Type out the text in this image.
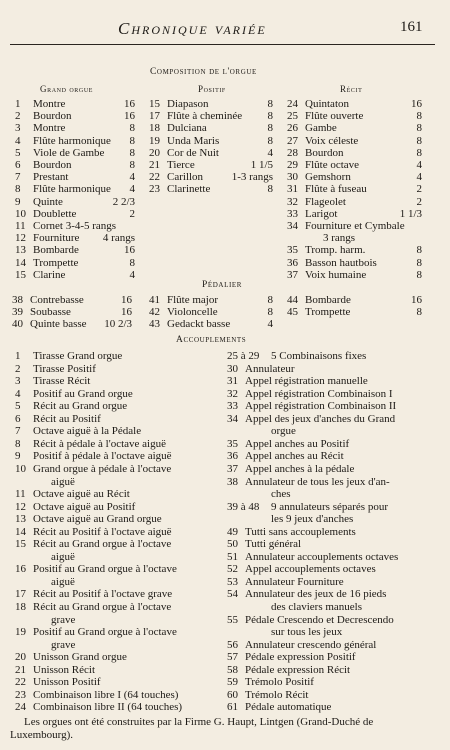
Chronique variée	161
Composition de l'orgue
Grand orgue	Positif	Récit
1	Montre	16
2	Bourdon	16
3	Montre	8
4	Flûte harmonique 8
5	Viole de Gambe 8
6	Bourdon	8
7	Prestant	4
8	Flûte harmonique 4
9	Quinte	2 2/3
10 Doublette	2
11 Cornet 3-4-5 rangs
12 Fourniture 4 rangs
13 Bombarde	16
14 Trompette	8
15 Clarine	4
15 Diapason	8
17 Flûte à cheminée 8
18 Dulciana	8
19 Unda Maris	8
20 Cor de Nuit	4
21 Tierce	1 1/5
22 Carillon	1-3 rangs
23 Clarinette	8
24 Quintaton	16
25 Flûte ouverte	8
26 Gambe	8
27 Voix céleste	8
28 Bourdon	8
29 Flûte octave	4
30 Gemshorn	4
31 Flûte à fuseau	2
32 Flageolet	2
33 Larigot	1 1/3
34 Fourniture et Cymbale
3 rangs
35 Tromp. harm.	8
36 Basson hautbois	8
37 Voix humaine	8
Pédalier
38 Contrebasse	16
39 Soubasse	16
40 Quinte basse 10 2/3
41 Flûte major	8
42 Violoncelle	8
43 Gedackt basse	4
44 Bombarde	16
45 Trompette	8
Accouplements
1 Tirasse Grand orgue
2 Tirasse Positif
3 Tirasse Récit
4 Positif au Grand orgue
5 Récit au Grand orgue
6 Récit au Positif
7 Octave aiguë à la Pédale
8 Récit à pédale à l'octave aiguë
9 Positif à pédale à l'octave aiguë
10 Grand orgue à pédale à l'octave
aiguë
11 Octave aiguë au Récit
12 Octave aiguë au Positif
13 Octave aiguë au Grand orgue
14 Récit au Positif à l'octave aiguë
15 Récit au Grand orgue à l'octave
aiguë
16 Positif au Grand orgue à l'octave
aiguë
17 Récit au Positif à l'octave grave
18 Récit au Grand orgue à l'octave
grave
19 Positif au Grand orgue à l'octave
grave
20 Unisson Grand orgue
21 Unisson Récit
22 Unisson Positif
23 Combinaison libre I (64 touches)
24 Combinaison libre II (64 touches)
25 à 29 5 Combinaisons fixes
30 Annulateur
31 Appel régistration manuelle
32 Appel régistration Combinaison I
33 Appel régistration Combinaison II
34 Appel des jeux d'anches du Grand
orgue
35 Appel anches au Positif
36 Appel anches au Récit
37 Appel anches à la pédale
38 Annulateur de tous les jeux d'an-
ches
39 à 48 9 annulateurs séparés pour
les 9 jeux d'anches
49 Tutti sans accouplements
50 Tutti général
51 Annulateur accouplements octaves
52 Appel accouplements octaves
53 Annulateur Fourniture
54 Annulateur des jeux de 16 pieds
des claviers manuels
55 Pédale Crescendo et Decrescendo
sur tous les jeux
56 Annulateur crescendo général
57 Pédale expression Positif
58 Pédale expression Récit
59 Trémolo Positif
60 Trémolo Récit
61 Pédale automatique
Les orgues ont été construites par la Firme G. Haupt, Lintgen (Grand-Duché de Luxembourg).
